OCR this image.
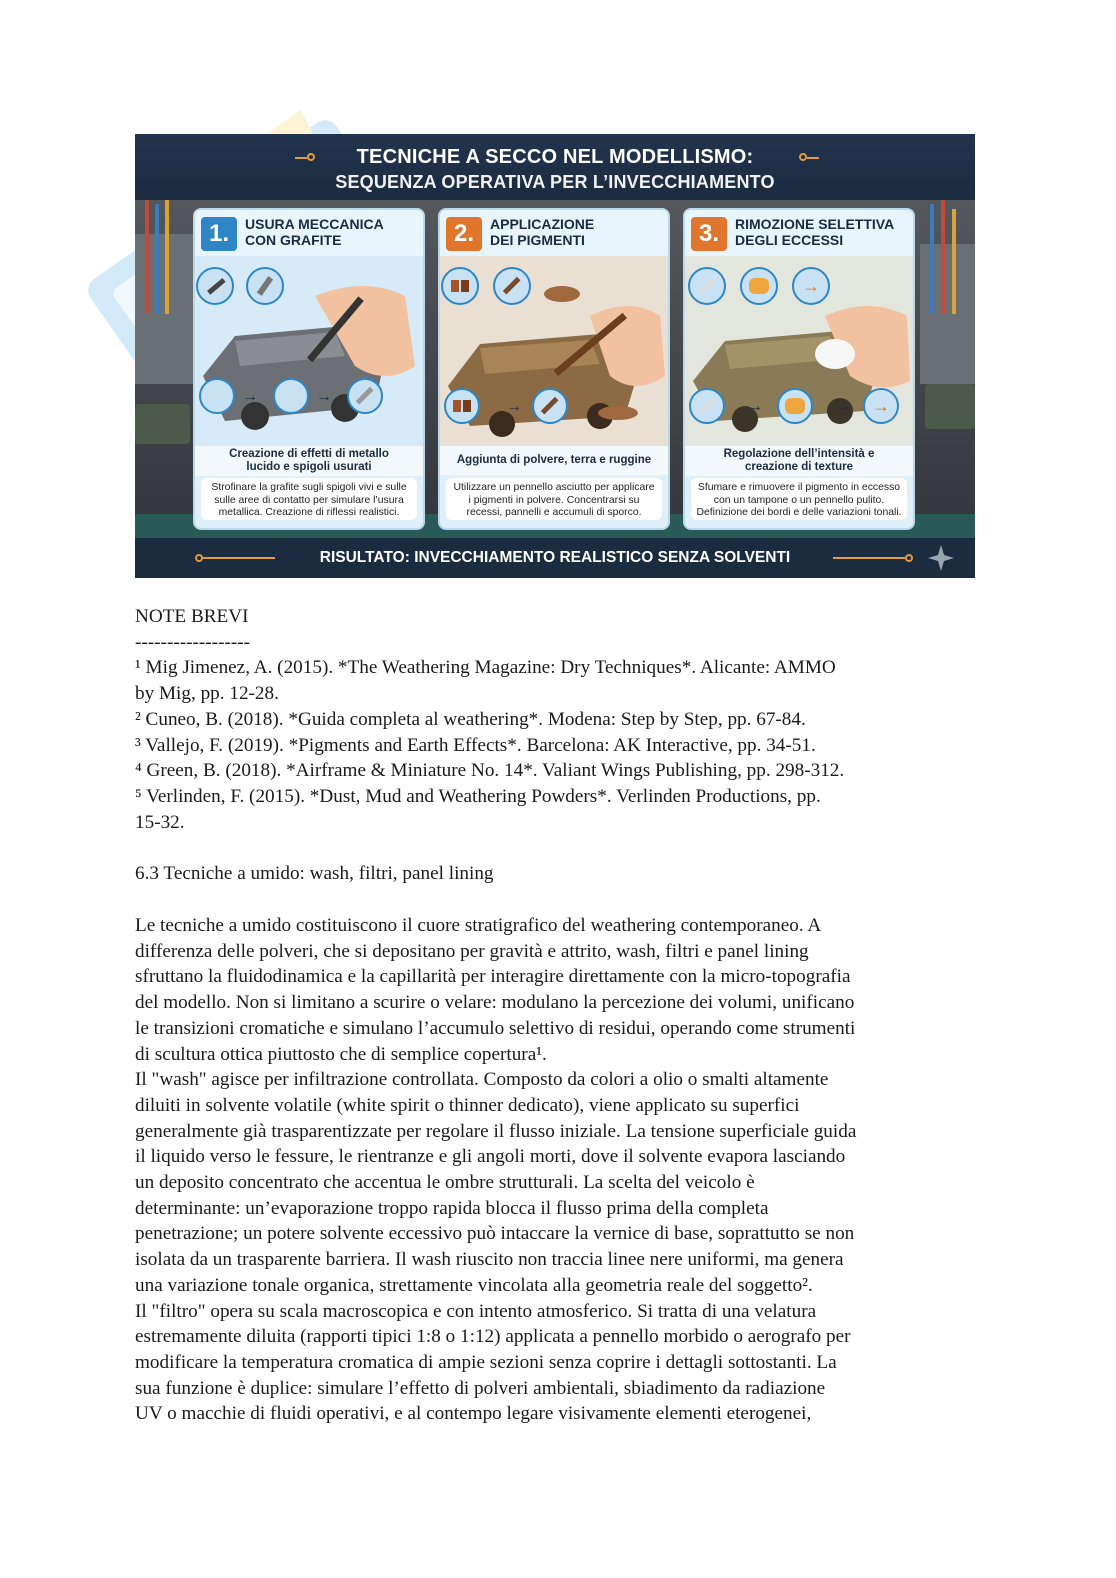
TECNICHE A SECCO NEL MODELLISMO:
SEQUENZA OPERATIVA PER L’INVECCHIAMENTO
1.	USURA MECCANICA
CON GRAFITE
→	→
Creazione di effetti di metallo
lucido e spigoli usurati
Strofinare la grafite sugli spigoli vivi e sulle
sulle aree di contatto per simulare l’usura
metallica. Creazione di riflessi realistici.
2.	APPLICAZIONE
DEI PIGMENTI
→
Aggiunta di polvere, terra e ruggine
Utilizzare un pennello asciutto per applicare
i pigmenti in polvere. Concentrarsi su
recessi, pannelli e accumuli di sporco.
3.	RIMOZIONE SELETTIVA
DEGLI ECCESSI
→
→	→ →
Regolazione dell’intensità e
creazione di texture
Sfumare e rimuovere il pigmento in eccesso
con un tampone o un pennello pulito.
Definizione dei bordi e delle variazioni tonali.
RISULTATO: INVECCHIAMENTO REALISTICO SENZA SOLVENTI
NOTE BREVI
------------------
¹ Mig Jimenez, A. (2015). *The Weathering Magazine: Dry Techniques*. Alicante: AMMO
by Mig, pp. 12-28.
² Cuneo, B. (2018). *Guida completa al weathering*. Modena: Step by Step, pp. 67-84.
³ Vallejo, F. (2019). *Pigments and Earth Effects*. Barcelona: AK Interactive, pp. 34-51.
⁴ Green, B. (2018). *Airframe & Miniature No. 14*. Valiant Wings Publishing, pp. 298-312.
⁵ Verlinden, F. (2015). *Dust, Mud and Weathering Powders*. Verlinden Productions, pp.
15-32.
6.3 Tecniche a umido: wash, filtri, panel lining
Le tecniche a umido costituiscono il cuore stratigrafico del weathering contemporaneo. A
differenza delle polveri, che si depositano per gravità e attrito, wash, filtri e panel lining
sfruttano la fluidodinamica e la capillarità per interagire direttamente con la micro-topografia
del modello. Non si limitano a scurire o velare: modulano la percezione dei volumi, unificano
le transizioni cromatiche e simulano l’accumulo selettivo di residui, operando come strumenti
di scultura ottica piuttosto che di semplice copertura¹.
Il "wash" agisce per infiltrazione controllata. Composto da colori a olio o smalti altamente
diluiti in solvente volatile (white spirit o thinner dedicato), viene applicato su superfici
generalmente già trasparentizzate per regolare il flusso iniziale. La tensione superficiale guida
il liquido verso le fessure, le rientranze e gli angoli morti, dove il solvente evapora lasciando
un deposito concentrato che accentua le ombre strutturali. La scelta del veicolo è
determinante: un’evaporazione troppo rapida blocca il flusso prima della completa
penetrazione; un potere solvente eccessivo può intaccare la vernice di base, soprattutto se non
isolata da un trasparente barriera. Il wash riuscito non traccia linee nere uniformi, ma genera
una variazione tonale organica, strettamente vincolata alla geometria reale del soggetto².
Il "filtro" opera su scala macroscopica e con intento atmosferico. Si tratta di una velatura
estremamente diluita (rapporti tipici 1:8 o 1:12) applicata a pennello morbido o aerografo per
modificare la temperatura cromatica di ampie sezioni senza coprire i dettagli sottostanti. La
sua funzione è duplice: simulare l’effetto di polveri ambientali, sbiadimento da radiazione
UV o macchie di fluidi operativi, e al contempo legare visivamente elementi eterogenei,
